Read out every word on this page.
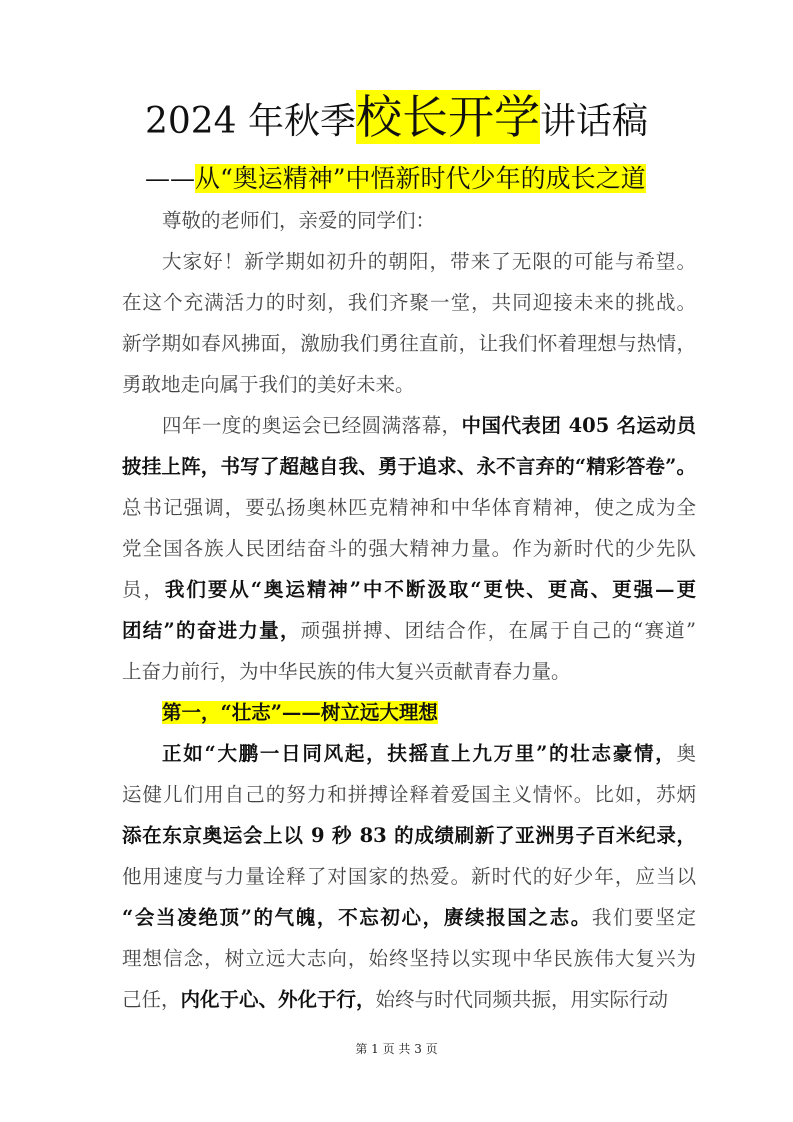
2024 年秋季校长开学讲话稿
——从“奥运精神”中悟新时代少年的成长之道
尊敬的老师们，亲爱的同学们：
大家好！新学期如初升的朝阳，带来了无限的可能与希望。
在这个充满活力的时刻，我们齐聚一堂，共同迎接未来的挑战。
新学期如春风拂面，激励我们勇往直前，让我们怀着理想与热情，
勇敢地走向属于我们的美好未来。
四年一度的奥运会已经圆满落幕，中国代表团 405 名运动员
披挂上阵，书写了超越自我、勇于追求、永不言弃的“精彩答卷”。
总书记强调，要弘扬奥林匹克精神和中华体育精神，使之成为全
党全国各族人民团结奋斗的强大精神力量。作为新时代的少先队
员，我们要从“奥运精神”中不断汲取“更快、更高、更强—更
团结”的奋进力量，顽强拼搏、团结合作，在属于自己的“赛道”
上奋力前行，为中华民族的伟大复兴贡献青春力量。
第一，“壮志”——树立远大理想
正如“大鹏一日同风起，扶摇直上九万里”的壮志豪情，奥
运健儿们用自己的努力和拼搏诠释着爱国主义情怀。比如，苏炳
添在东京奥运会上以 9 秒 83 的成绩刷新了亚洲男子百米纪录，
他用速度与力量诠释了对国家的热爱。新时代的好少年，应当以
“会当凌绝顶”的气魄，不忘初心，赓续报国之志。我们要坚定
理想信念，树立远大志向，始终坚持以实现中华民族伟大复兴为
己任，内化于心、外化于行，始终与时代同频共振，用实际行动
第 1 页 共 3 页
